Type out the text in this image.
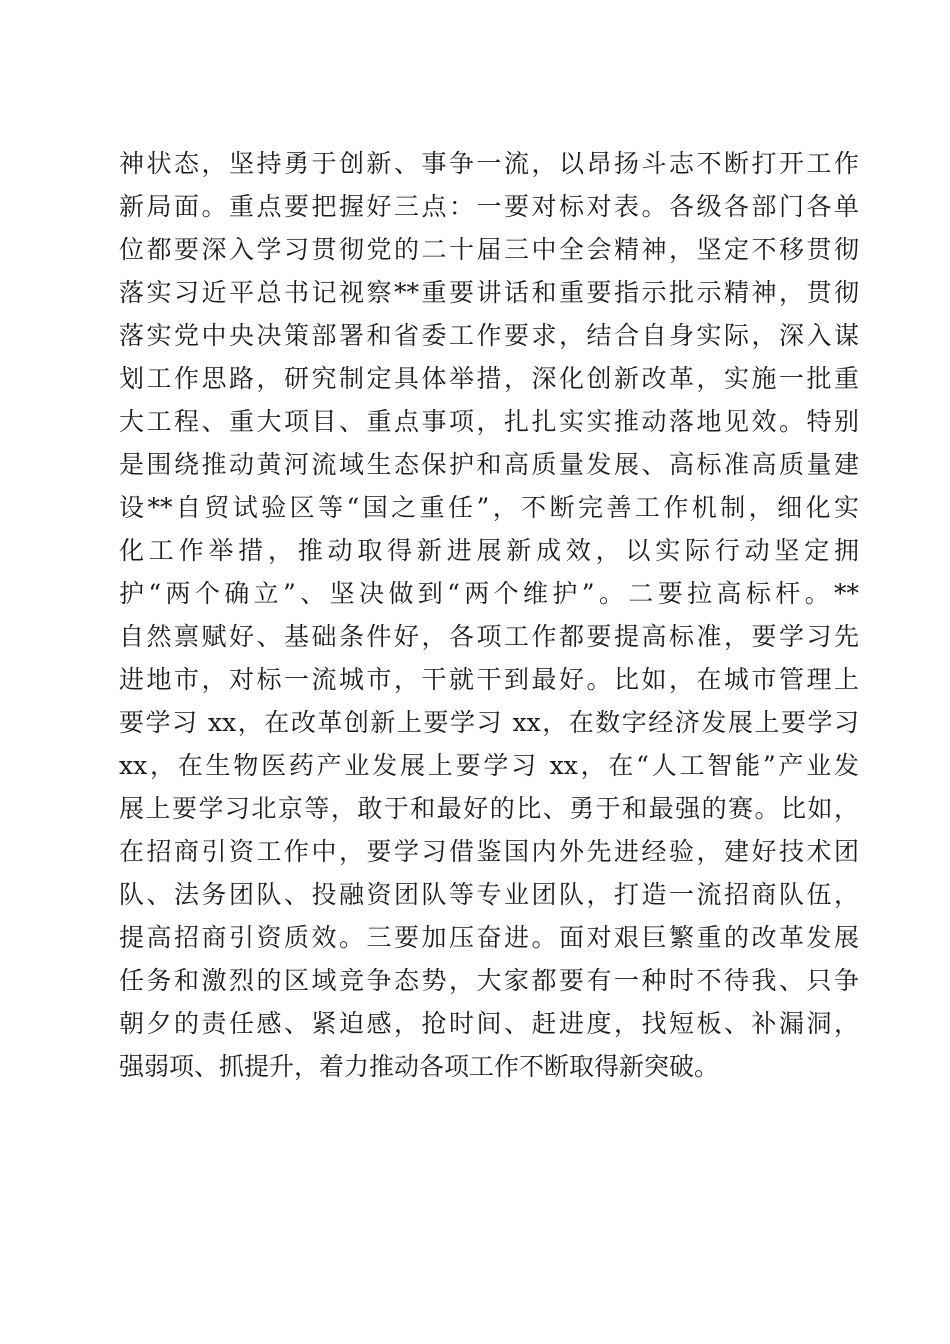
神状态，坚持勇于创新、事争一流，以昂扬斗志不断打开工作
新局面。重点要把握好三点：一要对标对表。各级各部门各单
位都要深入学习贯彻党的二十届三中全会精神，坚定不移贯彻
落实习近平总书记视察**重要讲话和重要指示批示精神，贯彻
落实党中央决策部署和省委工作要求，结合自身实际，深入谋
划工作思路，研究制定具体举措，深化创新改革，实施一批重
大工程、重大项目、重点事项，扎扎实实推动落地见效。特别
是围绕推动黄河流域生态保护和高质量发展、高标准高质量建
设**自贸试验区等“国之重任”，不断完善工作机制，细化实
化工作举措，推动取得新进展新成效，以实际行动坚定拥
护“两个确立”、坚决做到“两个维护”。二要拉高标杆。**
自然禀赋好、基础条件好，各项工作都要提高标准，要学习先
进地市，对标一流城市，干就干到最好。比如，在城市管理上
要学习 xx，在改革创新上要学习 xx，在数字经济发展上要学习
xx，在生物医药产业发展上要学习 xx，在“人工智能”产业发
展上要学习北京等，敢于和最好的比、勇于和最强的赛。比如，
在招商引资工作中，要学习借鉴国内外先进经验，建好技术团
队、法务团队、投融资团队等专业团队，打造一流招商队伍，
提高招商引资质效。三要加压奋进。面对艰巨繁重的改革发展
任务和激烈的区域竞争态势，大家都要有一种时不待我、只争
朝夕的责任感、紧迫感，抢时间、赶进度，找短板、补漏洞，
强弱项、抓提升，着力推动各项工作不断取得新突破。
